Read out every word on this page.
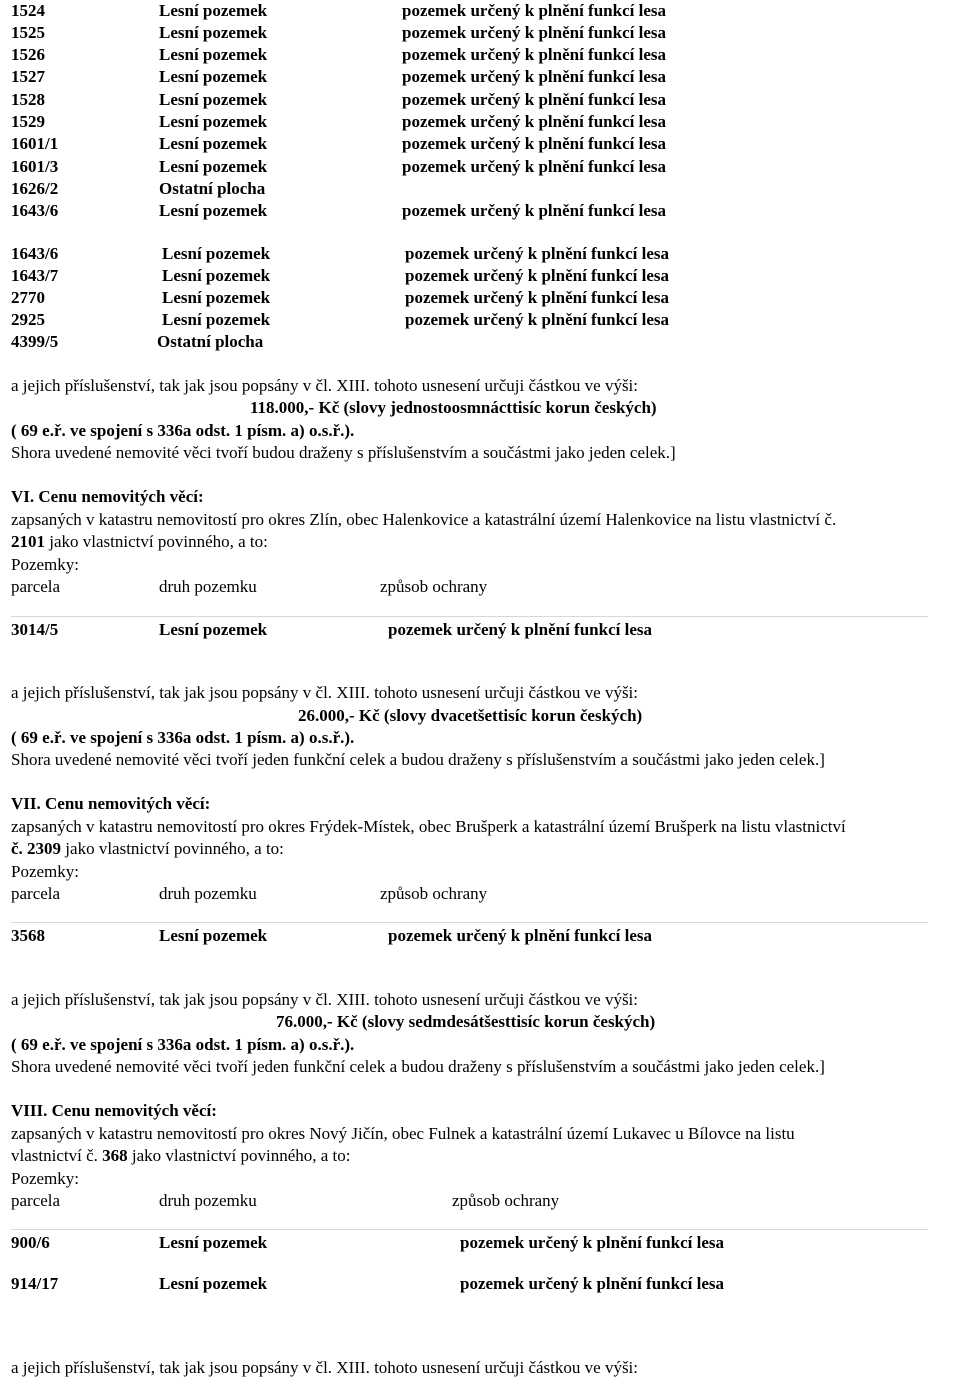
1524	Lesní pozemek	pozemek určený k plnění funkcí lesa
1525	Lesní pozemek	pozemek určený k plnění funkcí lesa
1526	Lesní pozemek	pozemek určený k plnění funkcí lesa
1527	Lesní pozemek	pozemek určený k plnění funkcí lesa
1528	Lesní pozemek	pozemek určený k plnění funkcí lesa
1529	Lesní pozemek	pozemek určený k plnění funkcí lesa
1601/1	Lesní pozemek	pozemek určený k plnění funkcí lesa
1601/3	Lesní pozemek	pozemek určený k plnění funkcí lesa
1626/2	Ostatní plocha
1643/6	Lesní pozemek	pozemek určený k plnění funkcí lesa
1643/6	Lesní pozemek	pozemek určený k plnění funkcí lesa
1643/7	Lesní pozemek	pozemek určený k plnění funkcí lesa
2770	Lesní pozemek	pozemek určený k plnění funkcí lesa
2925	Lesní pozemek	pozemek určený k plnění funkcí lesa
4399/5	Ostatní plocha
a jejich příslušenství, tak jak jsou popsány v čl. XIII. tohoto usnesení určuji částkou ve výši:
118.000,- Kč (slovy jednostoosmnácttisíc korun českých)
( 69 e.ř. ve spojení s 336a odst. 1 písm. a) o.s.ř.).
Shora uvedené nemovité věci tvoří budou draženy s příslušenstvím a součástmi jako jeden celek.]
VI. Cenu nemovitých věcí:
zapsaných v katastru nemovitostí pro okres Zlín, obec Halenkovice a katastrální území Halenkovice na listu vlastnictví č.
2101 jako vlastnictví povinného, a to:
Pozemky:
parcela	druh pozemku	způsob ochrany
3014/5	Lesní pozemek	pozemek určený k plnění funkcí lesa
a jejich příslušenství, tak jak jsou popsány v čl. XIII. tohoto usnesení určuji částkou ve výši:
26.000,- Kč (slovy dvacetšettisíc korun českých)
( 69 e.ř. ve spojení s 336a odst. 1 písm. a) o.s.ř.).
Shora uvedené nemovité věci tvoří jeden funkční celek a budou draženy s příslušenstvím a součástmi jako jeden celek.]
VII. Cenu nemovitých věcí:
zapsaných v katastru nemovitostí pro okres Frýdek-Místek, obec Brušperk a katastrální území Brušperk na listu vlastnictví
č. 2309 jako vlastnictví povinného, a to:
Pozemky:
parcela	druh pozemku	způsob ochrany
3568	Lesní pozemek	pozemek určený k plnění funkcí lesa
a jejich příslušenství, tak jak jsou popsány v čl. XIII. tohoto usnesení určuji částkou ve výši:
76.000,- Kč (slovy sedmdesátšesttisíc korun českých)
( 69 e.ř. ve spojení s 336a odst. 1 písm. a) o.s.ř.).
Shora uvedené nemovité věci tvoří jeden funkční celek a budou draženy s příslušenstvím a součástmi jako jeden celek.]
VIII. Cenu nemovitých věcí:
zapsaných v katastru nemovitostí pro okres Nový Jičín, obec Fulnek a katastrální území Lukavec u Bílovce na listu
vlastnictví č. 368 jako vlastnictví povinného, a to:
Pozemky:
parcela	druh pozemku	způsob ochrany
900/6	Lesní pozemek	pozemek určený k plnění funkcí lesa
914/17	Lesní pozemek	pozemek určený k plnění funkcí lesa
a jejich příslušenství, tak jak jsou popsány v čl. XIII. tohoto usnesení určuji částkou ve výši:
